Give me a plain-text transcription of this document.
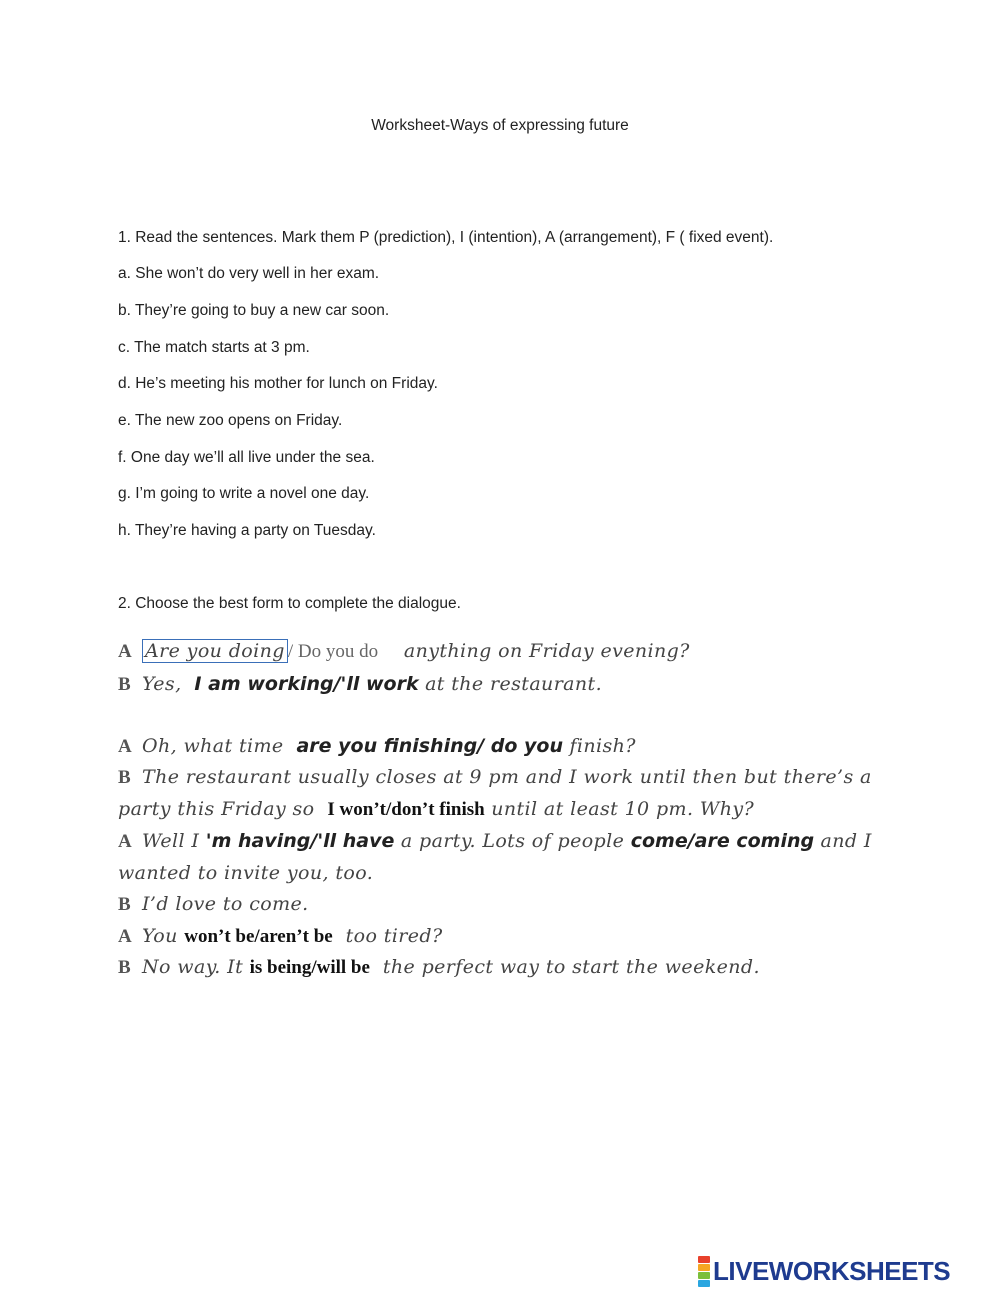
Worksheet-Ways of expressing future
1. Read the sentences. Mark them P (prediction), I (intention), A (arrangement), F ( fixed event).
a. She won’t do very well in her exam.
b. They’re going to buy a new car soon.
c. The match starts at 3 pm.
d. He’s meeting his mother for lunch on Friday.
e. The new zoo opens on Friday.
f. One day we’ll all live under the sea.
g. I’m going to write a novel one day.
h. They’re having a party on Tuesday.
2. Choose the best form to complete the dialogue.
A Are you doing / Do you do anything on Friday evening?
B Yes, I am working/'ll work at the restaurant.
A Oh, what time are you finishing/ do you finish?
B The restaurant usually closes at 9 pm and I work until then but there’s a
party this Friday so I won’t/don’t finish until at least 10 pm. Why?
A Well I 'm having/'ll have a party. Lots of people come/are coming and I
wanted to invite you, too.
B I’d love to come.
A You won’t be/aren’t be too tired?
B No way. It is being/will be the perfect way to start the weekend.
LIVEWORKSHEETS
